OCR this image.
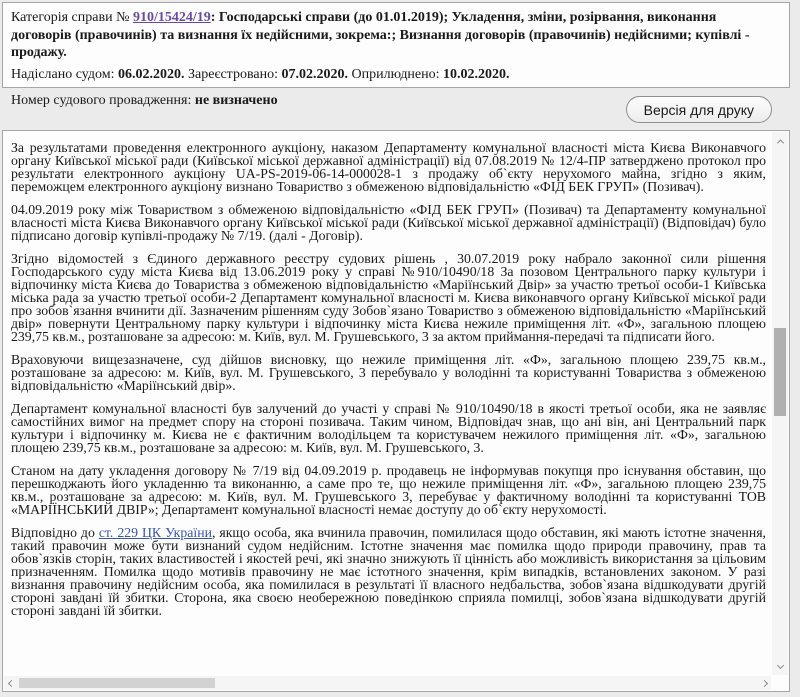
Категорія справи № 910/15424/19: Господарські справи (до 01.01.2019); Укладення, зміни, розірвання, виконання договорів (правочинів) та визнання їх недійсними, зокрема:; Визнання договорів (правочинів) недійсними; купівлі - продажу.
Надіслано судом: 06.02.2020. Зареєстровано: 07.02.2020. Оприлюднено: 10.02.2020.
Номер судового провадження: не визначено
Версія для друку

За результатами проведення електронного аукціону, наказом Департаменту комунальної власності міста Києва Виконавчого органу Київської міської ради (Київської міської державної адміністрації) від 07.08.2019 № 12/4-ПР затверджено протокол про результати електронного аукціону UA-PS-2019-06-14-000028-1 з продажу об`єкту нерухомого майна, згідно з яким, переможцем електронного аукціону визнано Товариство з обмеженою відповідальністю «ФІД БЕК ГРУП» (Позивач).

04.09.2019 року між Товариством з обмеженою відповідальністю «ФІД БЕК ГРУП» (Позивач) та Департаменту комунальної власності міста Києва Виконавчого органу Київської міської ради (Київської міської державної адміністрації) (Відповідач) було підписано договір купівлі-продажу № 7/19. (далі - Договір).

Згідно відомостей з Єдиного державного реєстру судових рішень , 30.07.2019 року набрало законної сили рішення Господарського суду міста Києва від 13.06.2019 року у справі №910/10490/18 За позовом Центрального парку культури і відпочинку міста Києва до Товариства з обмеженою відповідальністю «Маріїнський Двір» за участю третьої особи-1 Київська міська рада за участю третьої особи-2 Департамент комунальної власності м. Києва виконавчого органу Київської міської ради про зобов`язання вчинити дії. Зазначеним рішенням суду Зобов`язано Товариство з обмеженою відповідальністю «Маріїнський двір» повернути Центральному парку культури і відпочинку міста Києва нежиле приміщення літ. «Ф», загальною площею 239,75 кв.м., розташоване за адресою: м. Київ, вул. М. Грушевського, 3 за актом приймання-передачі та підписати його.

Враховуючи вищезазначене, суд дійшов висновку, що нежиле приміщення літ. «Ф», загальною площею 239,75 кв.м., розташоване за адресою: м. Київ, вул. М. Грушевського, 3 перебувало у володінні та користуванні Товариства з обмеженою відповідальністю «Маріїнський двір».

Департамент комунальної власності був залучений до участі у справі № 910/10490/18 в якості третьої особи, яка не заявляє самостійних вимог на предмет спору на стороні позивача. Таким чином, Відповідач знав, що ані він, ані Центральний парк культури і відпочинку м. Києва не є фактичним володільцем та користувачем нежилого приміщення літ. «Ф», загальною площею 239,75 кв.м., розташоване за адресою: м. Київ, вул. М. Грушевського, 3.

Станом на дату укладення договору № 7/19 від 04.09.2019 р. продавець не інформував покупця про існування обставин, що перешкоджають його укладенню та виконанню, а саме про те, що нежиле приміщення літ. «Ф», загальною площею 239,75 кв.м., розташоване за адресою: м. Київ, вул. М. Грушевського 3, перебуває у фактичному володінні та користуванні ТОВ «МАРІЇНСЬКИЙ ДВІР»; Департамент комунальної власності немає доступу до об`єкту нерухомості.

Відповідно до ст. 229 ЦК України, якщо особа, яка вчинила правочин, помилилася щодо обставин, які мають істотне значення, такий правочин може бути визнаний судом недійсним. Істотне значення має помилка щодо природи правочину, прав та обов`язків сторін, таких властивостей і якостей речі, які значно знижують її цінність або можливість використання за цільовим призначенням. Помилка щодо мотивів правочину не має істотного значення, крім випадків, встановлених законом. У разі визнання правочину недійсним особа, яка помилилася в результаті її власного недбальства, зобов`язана відшкодувати другій стороні завдані їй збитки. Сторона, яка своєю необережною поведінкою сприяла помилці, зобов`язана відшкодувати другій стороні завдані їй збитки.
